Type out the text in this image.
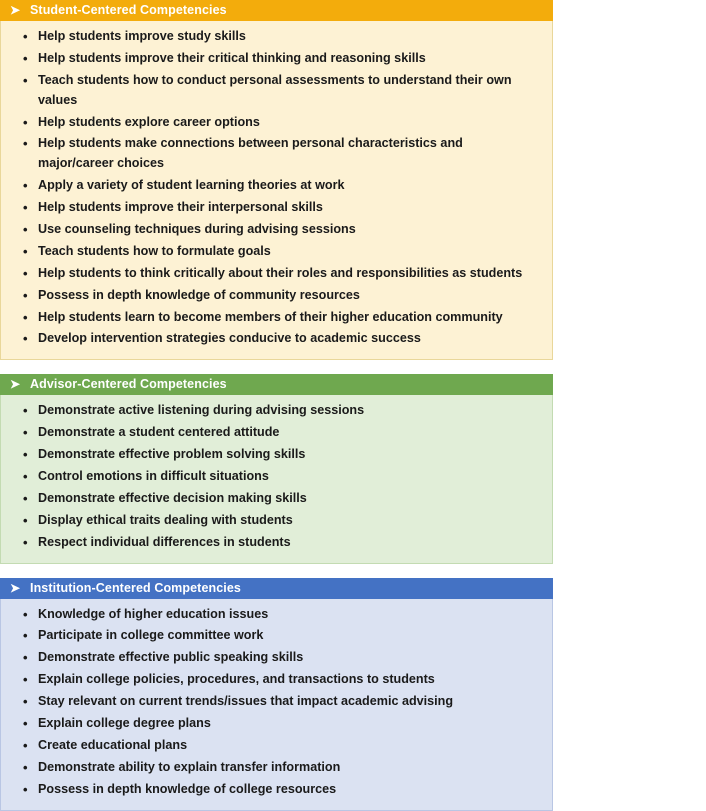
➤ Student-Centered Competencies
• Help students improve study skills
• Help students improve their critical thinking and reasoning skills
• Teach students how to conduct personal assessments to understand their own values
• Help students explore career options
• Help students make connections between personal characteristics and major/career choices
• Apply a variety of student learning theories at work
• Help students improve their interpersonal skills
• Use counseling techniques during advising sessions
• Teach students how to formulate goals
• Help students to think critically about their roles and responsibilities as students
• Possess in depth knowledge of community resources
• Help students learn to become members of their higher education community
• Develop intervention strategies conducive to academic success
➤ Advisor-Centered Competencies
• Demonstrate active listening during advising sessions
• Demonstrate a student centered attitude
• Demonstrate effective problem solving skills
• Control emotions in difficult situations
• Demonstrate effective decision making skills
• Display ethical traits dealing with students
• Respect individual differences in students
➤ Institution-Centered Competencies
• Knowledge of higher education issues
• Participate in college committee work
• Demonstrate effective public speaking skills
• Explain college policies, procedures, and transactions to students
• Stay relevant on current trends/issues that impact academic advising
• Explain college degree plans
• Create educational plans
• Demonstrate ability to explain transfer information
• Possess in depth knowledge of college resources
